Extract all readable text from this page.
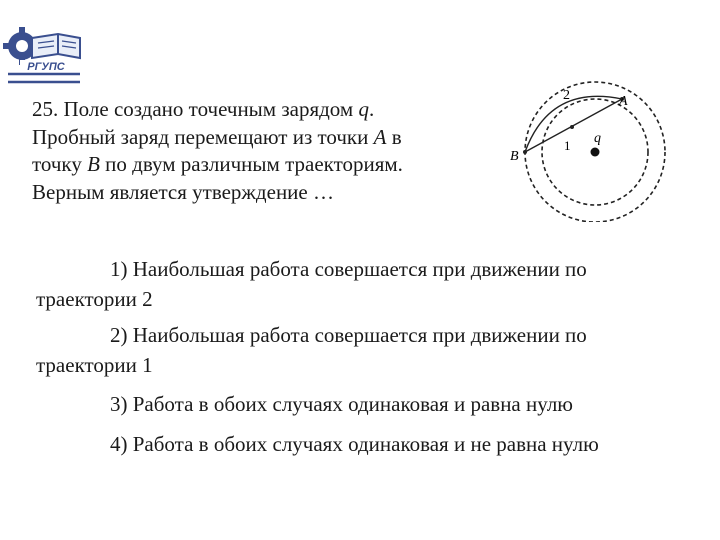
РГУПС
25. Поле создано точечным зарядом q.
Пробный заряд перемещают из точки A в
точку B по двум различным траекториям.
Верным является утверждение …
A
B
q
1
2

1) Наибольшая работа совершается при движении по

траектории 2

2) Наибольшая работа совершается при движении по

траектории 1

3) Работа в обоих случаях одинаковая и равна нулю

4) Работа в обоих случаях одинаковая и не равна нулю
